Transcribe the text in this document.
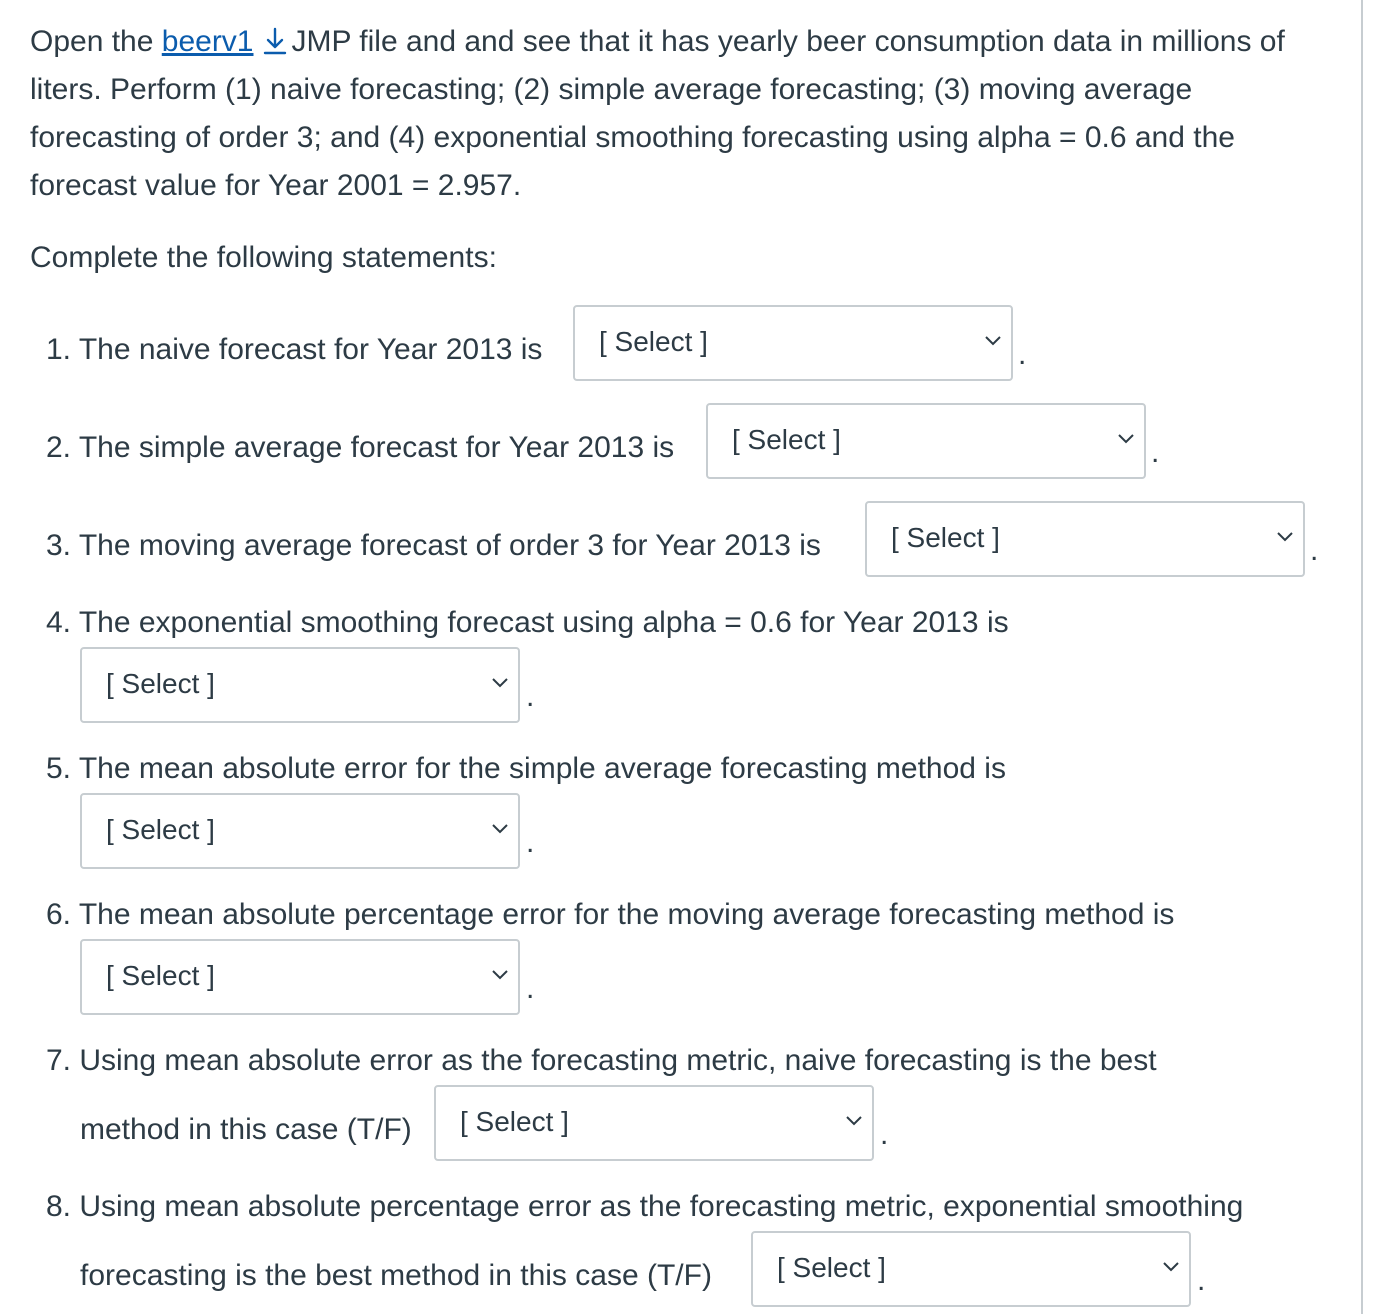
Open the beerv1 JMP file and and see that it has yearly beer consumption data in millions of liters. Perform (1) naive forecasting; (2) simple average forecasting; (3) moving average forecasting of order 3; and (4) exponential smoothing forecasting using alpha = 0.6 and the forecast value for Year 2001 = 2.957.
Complete the following statements:
1. The naive forecast for Year 2013 is [ Select ]	.
2. The simple average forecast for Year 2013 is [ Select ]	.
3. The moving average forecast of order 3 for Year 2013 is	[ Select ]	.
4. The exponential smoothing forecast using alpha = 0.6 for Year 2013 is
[ Select ]	.
5. The mean absolute error for the simple average forecasting method is
[ Select ]	.
6. The mean absolute percentage error for the moving average forecasting method is
[ Select ]	.
7. Using mean absolute error as the forecasting metric, naive forecasting is the best
method in this case (T/F) [ Select ]	.
8. Using mean absolute percentage error as the forecasting metric, exponential smoothing
forecasting is the best method in this case (T/F) [ Select ]	.
